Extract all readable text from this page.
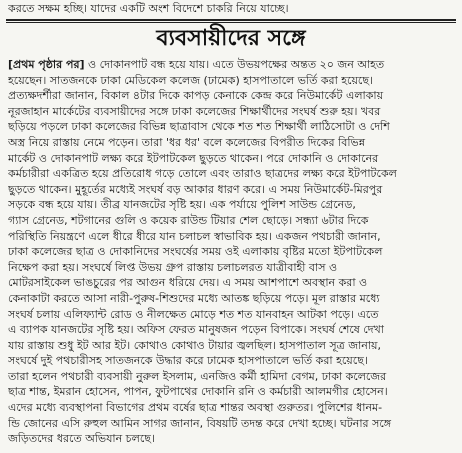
করতে সক্ষম হচ্ছি। যাদের একটি অংশ বিদেশে চাকরি নিয়ে যাচ্ছে।
ব্যবসায়ীদের সঙ্গে
[প্রথম পৃষ্ঠার পর] ও দোকানপাট বন্ধ হয়ে যায়। এতে উভয়পক্ষের অন্তত ২০ জন আহত
হয়েছেন। সাতজনকে ঢাকা মেডিকেল কলেজ (ঢামেক) হাসপাতালে ভর্তি করা হয়েছে।
প্রত্যক্ষদর্শীরা জানান, বিকাল ৪টার দিকে কাপড় কেনাকে কেন্দ্র করে নিউমার্কেট এলাকায়
নূরজাহান মার্কেটের ব্যবসায়ীদের সঙ্গে ঢাকা কলেজের শিক্ষার্থীদের সংঘর্ষ শুরু হয়। খবর
ছড়িয়ে পড়লে ঢাকা কলেজের বিভিন্ন ছাত্রাবাস থেকে শত শত শিক্ষার্থী লাঠিসোটা ও দেশি
অস্ত্র নিয়ে রাস্তায় নেমে পড়েন। তারা 'ধর ধর' বলে কলেজের বিপরীত দিকের বিভিন্ন
মার্কেট ও দোকানপাট লক্ষ্য করে ইটপাটকেল ছুড়তে থাকেন। পরে দোকানি ও দোকানের
কর্মচারীরা একত্রিত হয়ে প্রতিরোধ গড়ে তোলে এবং তারাও ছাত্রদের লক্ষ্য করে ইটপাটকেল
ছুড়তে থাকেন। মুহূর্তের মধ্যেই সংঘর্ষ বড় আকার ধারণ করে। এ সময় নিউমার্কেট-মিরপুর
সড়কে বন্ধ হয়ে যায়। তীব্র যানজটের সৃষ্টি হয়। এক পর্যায়ে পুলিশ সাউন্ড গ্রেনেড,
গ্যাস গ্রেনেড, শটগানের গুলি ও কয়েক রাউন্ড টিয়ার শেল ছোড়ে। সন্ধ্যা ৬টার দিকে
পরিস্থিতি নিয়ন্ত্রণে এলে ধীরে ধীরে যান চলাচল স্বাভাবিক হয়। একজন পথচারী জানান,
ঢাকা কলেজের ছাত্র ও দোকানিদের সংঘর্ষের সময় ওই এলাকায় বৃষ্টির মতো ইটপাটকেল
নিক্ষেপ করা হয়। সংঘর্ষে লিপ্ত উভয় গ্রুপ রাস্তায় চলাচলরত যাত্রীবাহী বাস ও
মোটরসাইকেল ভাঙচুরের পর আগুন ধরিয়ে দেয়। এ সময় আশপাশে অবস্থান করা ও
কেনাকাটা করতে আসা নারী-পুরুষ-শিশুদের মধ্যে আতঙ্ক ছড়িয়ে পড়ে। মূল রাস্তার মধ্যে
সংঘর্ষ চলায় এলিফ্যান্ট রোড ও নীলক্ষেত মোড়ে শত শত যানবাহন আটকা পড়ে। এতে
এ ব্যাপক যানজটের সৃষ্টি হয়। অফিস ফেরত মানুষজন পড়েন বিপাকে। সংঘর্ষ শেষে দেখা
যায় রাস্তায় শুধু ইট আর ইট। কোথাও কোথাও টায়ার জ্বলছিল। হাসপাতাল সূত্র জানায়,
সংঘর্ষে দুই পথচারীসহ সাতজনকে উদ্ধার করে ঢামেক হাসপাতালে ভর্তি করা হয়েছে।
তারা হলেন পথচারী ব্যবসায়ী নুরুল ইসলাম, এনজিও কর্মী হামিদা বেগম, ঢাকা কলেজের
ছাত্র শান্ত, ইমরান হোসেন, পাপন, ফুটপাথের দোকানি রনি ও কর্মচারী আলমগীর হোসেন।
এদের মধ্যে ব্যবস্থাপনা বিভাগের প্রথম বর্ষের ছাত্র শান্তর অবস্থা গুরুতর। পুলিশের ধানম-
ন্ডি জোনের এসি রুহুল আমিন সাগর জানান, বিষয়টি তদন্ত করে দেখা হচ্ছে। ঘটনার সঙ্গে
জড়িতদের ধরতে অভিযান চলছে।
